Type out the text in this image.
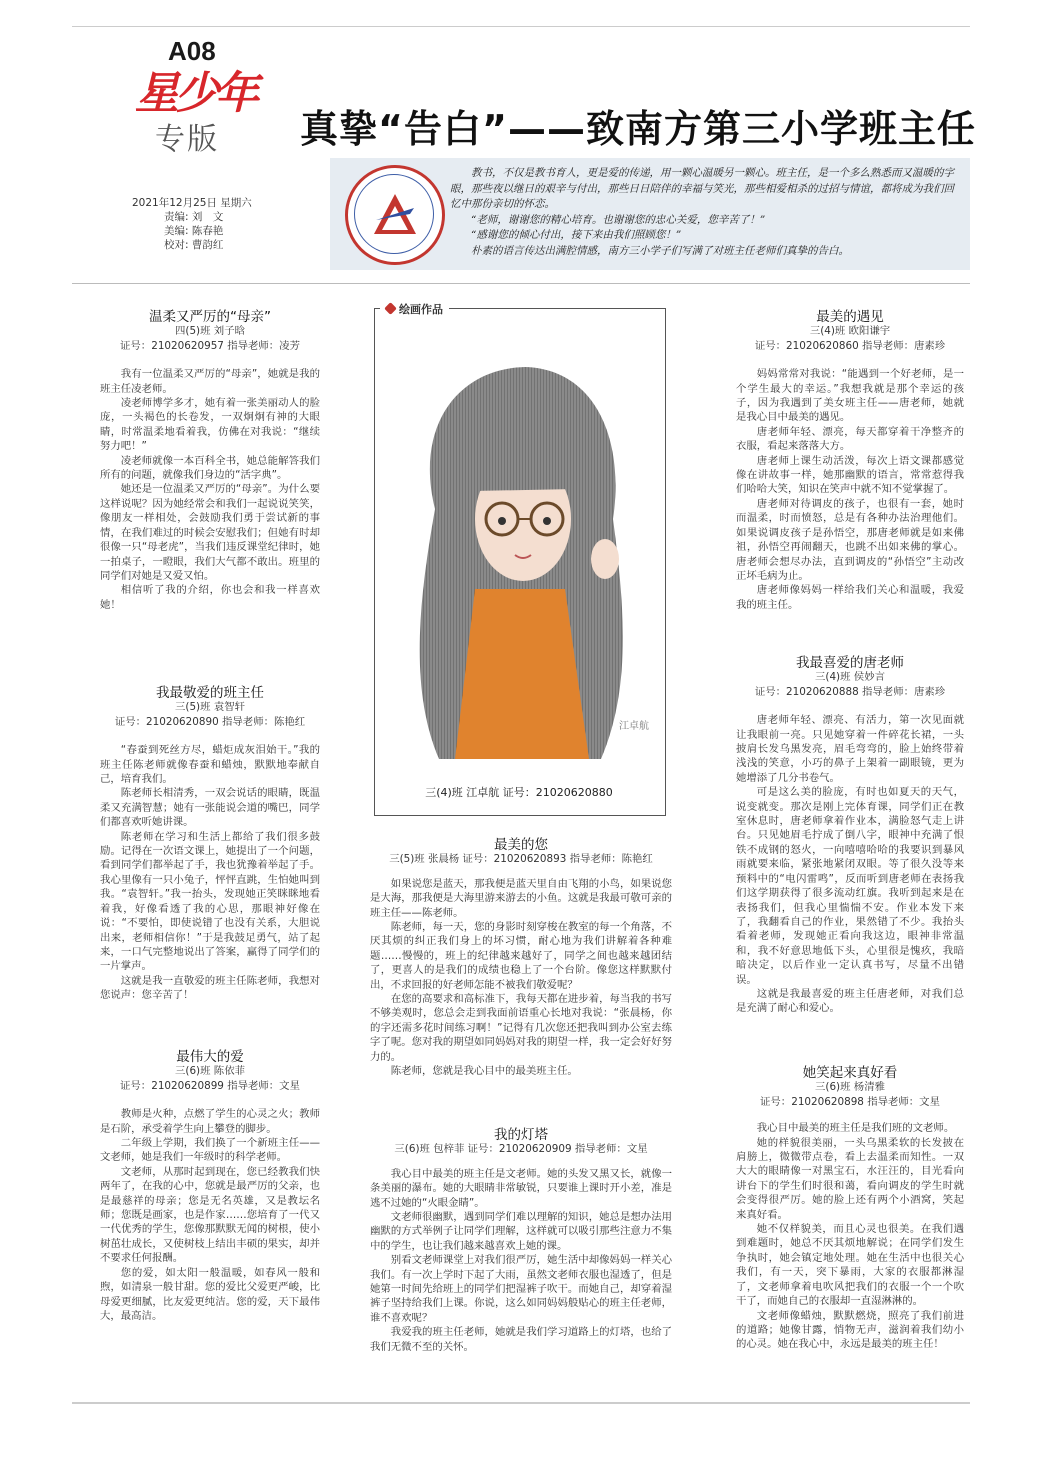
A08
星少年
专版	真挚“告白”——致南方第三小学班主任
2021年12月25日 星期六
责编: 刘　文
美编: 陈春艳
校对: 曹韵红

教书，不仅是教书育人，更是爱的传递，用一颗心温暖另一颗心。班主任，是一个多么熟悉而又温暖的字眼，那些夜以继日的艰辛与付出，那些日日陪伴的幸福与笑光，那些相爱相杀的过招与情谊，都将成为我们回忆中那份亲切的怀恋。

“老师，谢谢您的精心培育。也谢谢您的忠心关爱，您辛苦了！”

“感谢您的倾心付出，接下来由我们照顾您！”

朴素的语言传达出满腔情感，南方三小学子们写满了对班主任老师们真挚的告白。

温柔又严厉的“母亲”
四(5)班 刘子晗
证号：21020620957 指导老师：凌芳

我有一位温柔又严厉的“母亲”，她就是我的班主任凌老师。

凌老师博学多才，她有着一张美丽动人的脸庞，一头褐色的长卷发，一双炯炯有神的大眼睛，时常温柔地看着我，仿佛在对我说：“继续努力吧！”

凌老师就像一本百科全书，她总能解答我们所有的问题，就像我们身边的“活字典”。

她还是一位温柔又严厉的“母亲”。为什么要这样说呢？因为她经常会和我们一起说说笑笑，像朋友一样相处，会鼓励我们勇于尝试新的事情，在我们难过的时候会安慰我们；但她有时却很像一只“母老虎”，当我们违反课堂纪律时，她一拍桌子，一瞪眼，我们大气都不敢出。班里的同学们对她是又爱又怕。

相信听了我的介绍，你也会和我一样喜欢她！

我最敬爱的班主任
三(5)班 袁智轩
证号：21020620890 指导老师：陈艳红

“春蚕到死丝方尽，蜡炬成灰泪始干。”我的班主任陈老师就像春蚕和蜡烛，默默地奉献自己，培育我们。

陈老师长相清秀，一双会说话的眼睛，既温柔又充满智慧；她有一张能说会道的嘴巴，同学们都喜欢听她讲课。

陈老师在学习和生活上都给了我们很多鼓励。记得在一次语文课上，她提出了一个问题，看到同学们都举起了手，我也犹豫着举起了手。我心里像有一只小兔子，怦怦直跳，生怕她叫到我。“袁智轩。”我一抬头，发现她正笑眯眯地看着我，好像看透了我的心思，那眼神好像在说：“不要怕，即使说错了也没有关系，大胆说出来，老师相信你！”于是我鼓足勇气，站了起来，一口气完整地说出了答案，赢得了同学们的一片掌声。

这就是我一直敬爱的班主任陈老师，我想对您说声：您辛苦了！

最伟大的爱
三(6)班 陈依菲
证号：21020620899 指导老师：文星

教师是火种，点燃了学生的心灵之火；教师是石阶，承受着学生向上攀登的脚步。

二年级上学期，我们换了一个新班主任——文老师，她是我们一年级时的科学老师。

文老师，从那时起到现在，您已经教我们快两年了，在我的心中，您就是最严厉的父亲，也是最慈祥的母亲；您是无名英雄，又是教坛名师；您既是画家，也是作家……您培育了一代又一代优秀的学生，您像那默默无闻的树根，使小树茁壮成长，又使树枝上结出丰硕的果实，却并不要求任何报酬。

您的爱，如太阳一般温暖，如春风一般和煦，如清泉一般甘甜。您的爱比父爱更严峻，比母爱更细腻，比友爱更纯洁。您的爱，天下最伟大，最高洁。

江卓航
绘画作品
三(4)班 江卓航 证号：21020620880
最美的您
三(5)班 张晨杨 证号：21020620893 指导老师：陈艳红

如果说您是蓝天，那我便是蓝天里自由飞翔的小鸟，如果说您是大海，那我便是大海里游来游去的小鱼。这就是我最可敬可亲的班主任——陈老师。

陈老师，每一天，您的身影时刻穿梭在教室的每一个角落，不厌其烦的纠正我们身上的坏习惯，耐心地为我们讲解着各种难题……慢慢的，班上的纪律越来越好了，同学之间也越来越团结了，更喜人的是我们的成绩也稳上了一个台阶。像您这样默默付出，不求回报的好老师怎能不被我们敬爱呢？

在您的高要求和高标准下，我每天都在进步着，每当我的书写不够美观时，您总会走到我面前语重心长地对我说：“张晨杨，你的字还需多花时间练习啊！”记得有几次您还把我叫到办公室去练字了呢。您对我的期望如同妈妈对我的期望一样，我一定会好好努力的。

陈老师，您就是我心目中的最美班主任。

我的灯塔
三(6)班 包梓菲 证号：21020620909 指导老师：文星

我心目中最美的班主任是文老师。她的头发又黑又长，就像一条美丽的瀑布。她的大眼睛非常敏锐，只要谁上课时开小差，准是逃不过她的“火眼金睛”。

文老师很幽默，遇到同学们难以理解的知识，她总是想办法用幽默的方式举例子让同学们理解，这样就可以吸引那些注意力不集中的学生，也让我们越来越喜欢上她的课。

别看文老师课堂上对我们很严厉，她生活中却像妈妈一样关心我们。有一次上学时下起了大雨，虽然文老师衣服也湿透了，但是她第一时间先给班上的同学们把湿裤子吹干。而她自己，却穿着湿裤子坚持给我们上课。你说，这么如同妈妈般贴心的班主任老师，谁不喜欢呢？

我爱我的班主任老师，她就是我们学习道路上的灯塔，也给了我们无微不至的关怀。

最美的遇见
三(4)班 欧阳谦宇
证号：21020620860 指导老师：唐素珍

妈妈常常对我说：“能遇到一个好老师，是一个学生最大的幸运。”我想我就是那个幸运的孩子，因为我遇到了美女班主任——唐老师，她就是我心目中最美的遇见。

唐老师年轻、漂亮，每天都穿着干净整齐的衣服，看起来落落大方。

唐老师上课生动活泼，每次上语文课都感觉像在讲故事一样，她那幽默的语言，常常惹得我们哈哈大笑，知识在笑声中就不知不觉掌握了。

唐老师对待调皮的孩子，也很有一套，她时而温柔，时而愤怒，总是有各种办法治理他们。如果说调皮孩子是孙悟空，那唐老师就是如来佛祖，孙悟空再闹翻天，也跳不出如来佛的掌心。唐老师会想尽办法，直到调皮的“孙悟空”主动改正坏毛病为止。

唐老师像妈妈一样给我们关心和温暖，我爱我的班主任。

我最喜爱的唐老师
三(4)班 侯妙言
证号：21020620888 指导老师：唐素珍

唐老师年轻、漂亮、有活力，第一次见面就让我眼前一亮。只见她穿着一件碎花长裙，一头披肩长发乌黑发亮，眉毛弯弯的，脸上始终带着浅浅的笑意，小巧的鼻子上架着一副眼镜，更为她增添了几分书卷气。

可是这么美的脸庞，有时也如夏天的天气，说变就变。那次是刚上完体育课，同学们正在教室休息时，唐老师拿着作业本，满脸怒气走上讲台。只见她眉毛拧成了倒八字，眼神中充满了恨铁不成钢的怒火，一向嘻嘻哈哈的我要识到暴风雨就要来临，紧张地紧闭双眼。等了很久没等来预料中的“电闪雷鸣”，反而听到唐老师在表扬我们这学期获得了很多流动红旗。我听到起来是在表扬我们，但我心里惴惴不安。作业本发下来了，我翻看自己的作业，果然错了不少。我抬头看着老师，发现她正看向我这边，眼神非常温和，我不好意思地低下头，心里很是愧疚，我暗暗决定，以后作业一定认真书写，尽量不出错误。

这就是我最喜爱的班主任唐老师，对我们总是充满了耐心和爱心。

她笑起来真好看
三(6)班 杨清雅
证号：21020620898 指导老师：文星

我心目中最美的班主任是我们班的文老师。

她的样貌很美丽，一头乌黑柔软的长发披在肩膀上，微微带点卷，看上去温柔而知性。一双大大的眼睛像一对黑宝石，水汪汪的，目光看向讲台下的学生们时很和蔼，看向调皮的学生时就会变得很严厉。她的脸上还有两个小酒窝，笑起来真好看。

她不仅样貌美，而且心灵也很美。在我们遇到难题时，她总不厌其烦地解说；在同学们发生争执时，她会镇定地处理。她在生活中也很关心我们，有一天，突下暴雨，大家的衣服都淋湿了，文老师拿着电吹风把我们的衣服一个一个吹干了，而她自己的衣服却一直湿淋淋的。

文老师像蜡烛，默默燃烧，照亮了我们前进的道路；她像甘露，悄物无声，滋润着我们幼小的心灵。她在我心中，永远是最美的班主任！
